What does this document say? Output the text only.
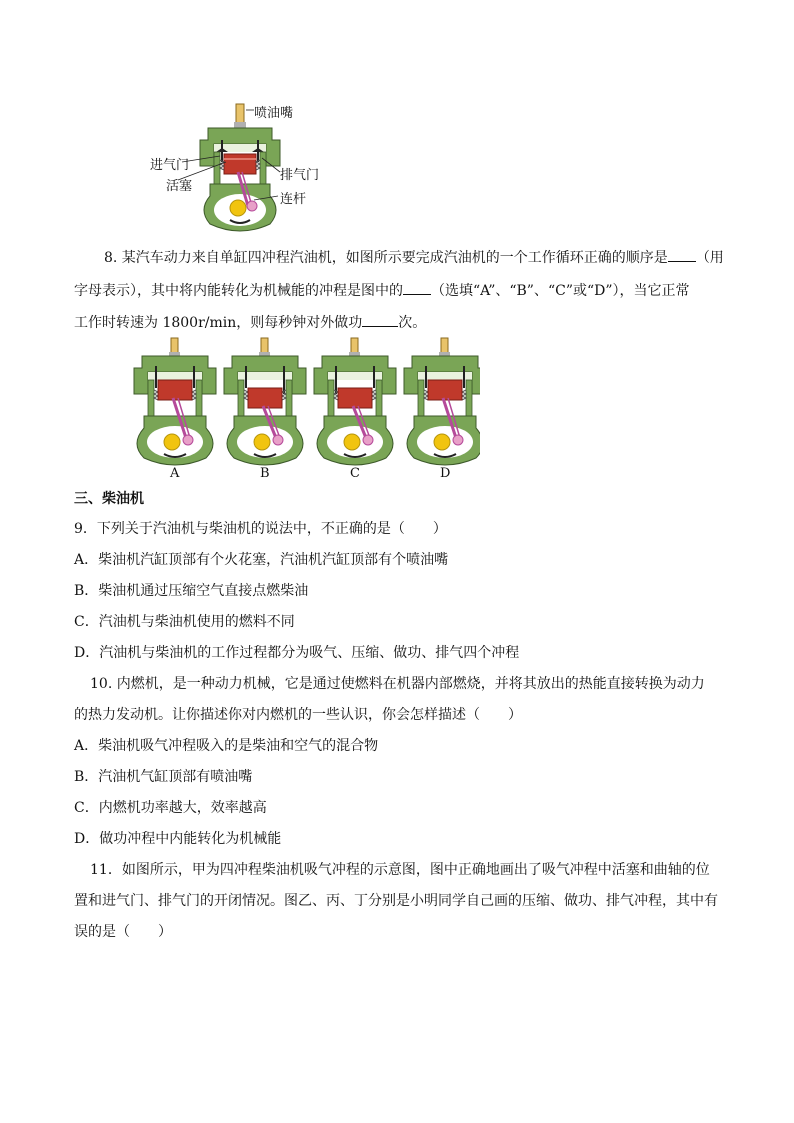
喷油嘴
进气门
活塞
排气门
连杆
8. 某汽车动力来自单缸四冲程汽油机，如图所示要完成汽油机的一个工作循环正确的顺序是 （用
字母表示），其中将内能转化为机械能的冲程是图中的 （选填“A”、“B”、“C”或“D”），当它正常
工作时转速为 1800r/min，则每秒钟对外做功	次。
A	B	C	D
三、柴油机
9．下列关于汽油机与柴油机的说法中，不正确的是（　　）
A．柴油机汽缸顶部有个火花塞，汽油机汽缸顶部有个喷油嘴
B．柴油机通过压缩空气直接点燃柴油
C．汽油机与柴油机使用的燃料不同
D．汽油机与柴油机的工作过程都分为吸气、压缩、做功、排气四个冲程
10. 内燃机，是一种动力机械，它是通过使燃料在机器内部燃烧，并将其放出的热能直接转换为动力
的热力发动机。让你描述你对内燃机的一些认识，你会怎样描述（　　）
A．柴油机吸气冲程吸入的是柴油和空气的混合物
B．汽油机气缸顶部有喷油嘴
C．内燃机功率越大，效率越高
D．做功冲程中内能转化为机械能
11．如图所示，甲为四冲程柴油机吸气冲程的示意图，图中正确地画出了吸气冲程中活塞和曲轴的位
置和进气门、排气门的开闭情况。图乙、丙、丁分别是小明同学自己画的压缩、做功、排气冲程，其中有
误的是（　　）
